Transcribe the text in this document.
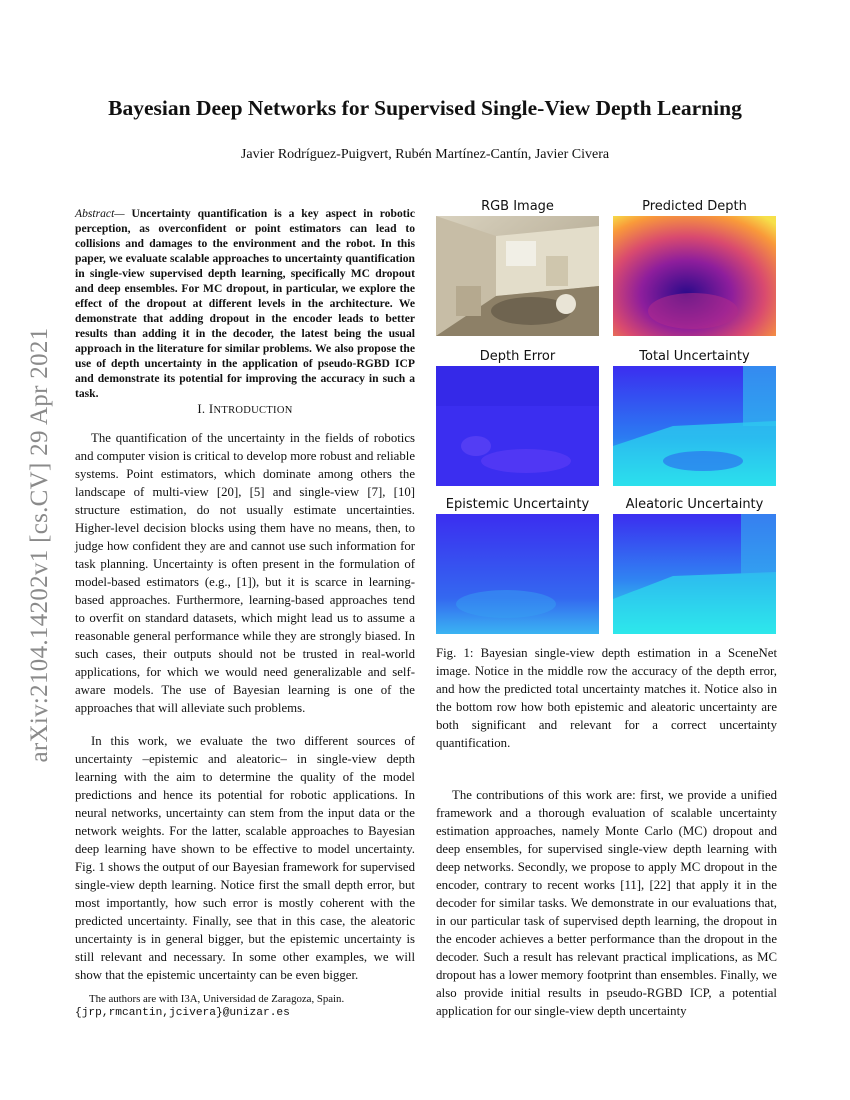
Bayesian Deep Networks for Supervised Single-View Depth Learning
Javier Rodríguez-Puigvert, Rubén Martínez-Cantín, Javier Civera
arXiv:2104.14202v1 [cs.CV] 29 Apr 2021
Abstract— Uncertainty quantification is a key aspect in robotic perception, as overconfident or point estimators can lead to collisions and damages to the environment and the robot. In this paper, we evaluate scalable approaches to uncertainty quantification in single-view supervised depth learning, specifically MC dropout and deep ensembles. For MC dropout, in particular, we explore the effect of the dropout at different levels in the architecture. We demonstrate that adding dropout in the encoder leads to better results than adding it in the decoder, the latest being the usual approach in the literature for similar problems. We also propose the use of depth uncertainty in the application of pseudo-RGBD ICP and demonstrate its potential for improving the accuracy in such a task.
I. INTRODUCTION
The quantification of the uncertainty in the fields of robotics and computer vision is critical to develop more robust and reliable systems. Point estimators, which dominate among others the landscape of multi-view [20], [5] and single-view [7], [10] structure estimation, do not usually estimate uncertainties. Higher-level decision blocks using them have no means, then, to judge how confident they are and cannot use such information for task planning. Uncertainty is often present in the formulation of model-based estimators (e.g., [1]), but it is scarce in learning-based approaches. Furthermore, learning-based approaches tend to overfit on standard datasets, which might lead us to assume a reasonable general performance while they are strongly biased. In such cases, their outputs should not be trusted in real-world applications, for which we would need generalizable and self-aware models. The use of Bayesian learning is one of the approaches that will alleviate such problems.
In this work, we evaluate the two different sources of uncertainty –epistemic and aleatoric– in single-view depth learning with the aim to determine the quality of the model predictions and hence its potential for robotic applications. In neural networks, uncertainty can stem from the input data or the network weights. For the latter, scalable approaches to Bayesian deep learning have shown to be effective to model uncertainty. Fig. 1 shows the output of our Bayesian framework for supervised single-view depth learning. Notice first the small depth error, but most importantly, how such error is mostly coherent with the predicted uncertainty. Finally, see that in this case, the aleatoric uncertainty is in general bigger, but the epistemic uncertainty is still relevant and necessary. In some other examples, we will show that the epistemic uncertainty can be even bigger.
The authors are with I3A, Universidad de Zaragoza, Spain.
{jrp,rmcantin,jcivera}@unizar.es
RGB Image	Predicted Depth
Depth Error	Total Uncertainty
Epistemic Uncertainty	Aleatoric Uncertainty
Fig. 1: Bayesian single-view depth estimation in a SceneNet image. Notice in the middle row the accuracy of the depth error, and how the predicted total uncertainty matches it. Notice also in the bottom row how both epistemic and aleatoric uncertainty are both significant and relevant for a correct uncertainty quantification.
The contributions of this work are: first, we provide a unified framework and a thorough evaluation of scalable uncertainty estimation approaches, namely Monte Carlo (MC) dropout and deep ensembles, for supervised single-view depth learning with deep networks. Secondly, we propose to apply MC dropout in the encoder, contrary to recent works [11], [22] that apply it in the decoder for similar tasks. We demonstrate in our evaluations that, in our particular task of supervised depth learning, the dropout in the encoder achieves a better performance than the dropout in the decoder. Such a result has relevant practical implications, as MC dropout has a lower memory footprint than ensembles. Finally, we also provide initial results in pseudo-RGBD ICP, a potential application for our single-view depth uncertainty
